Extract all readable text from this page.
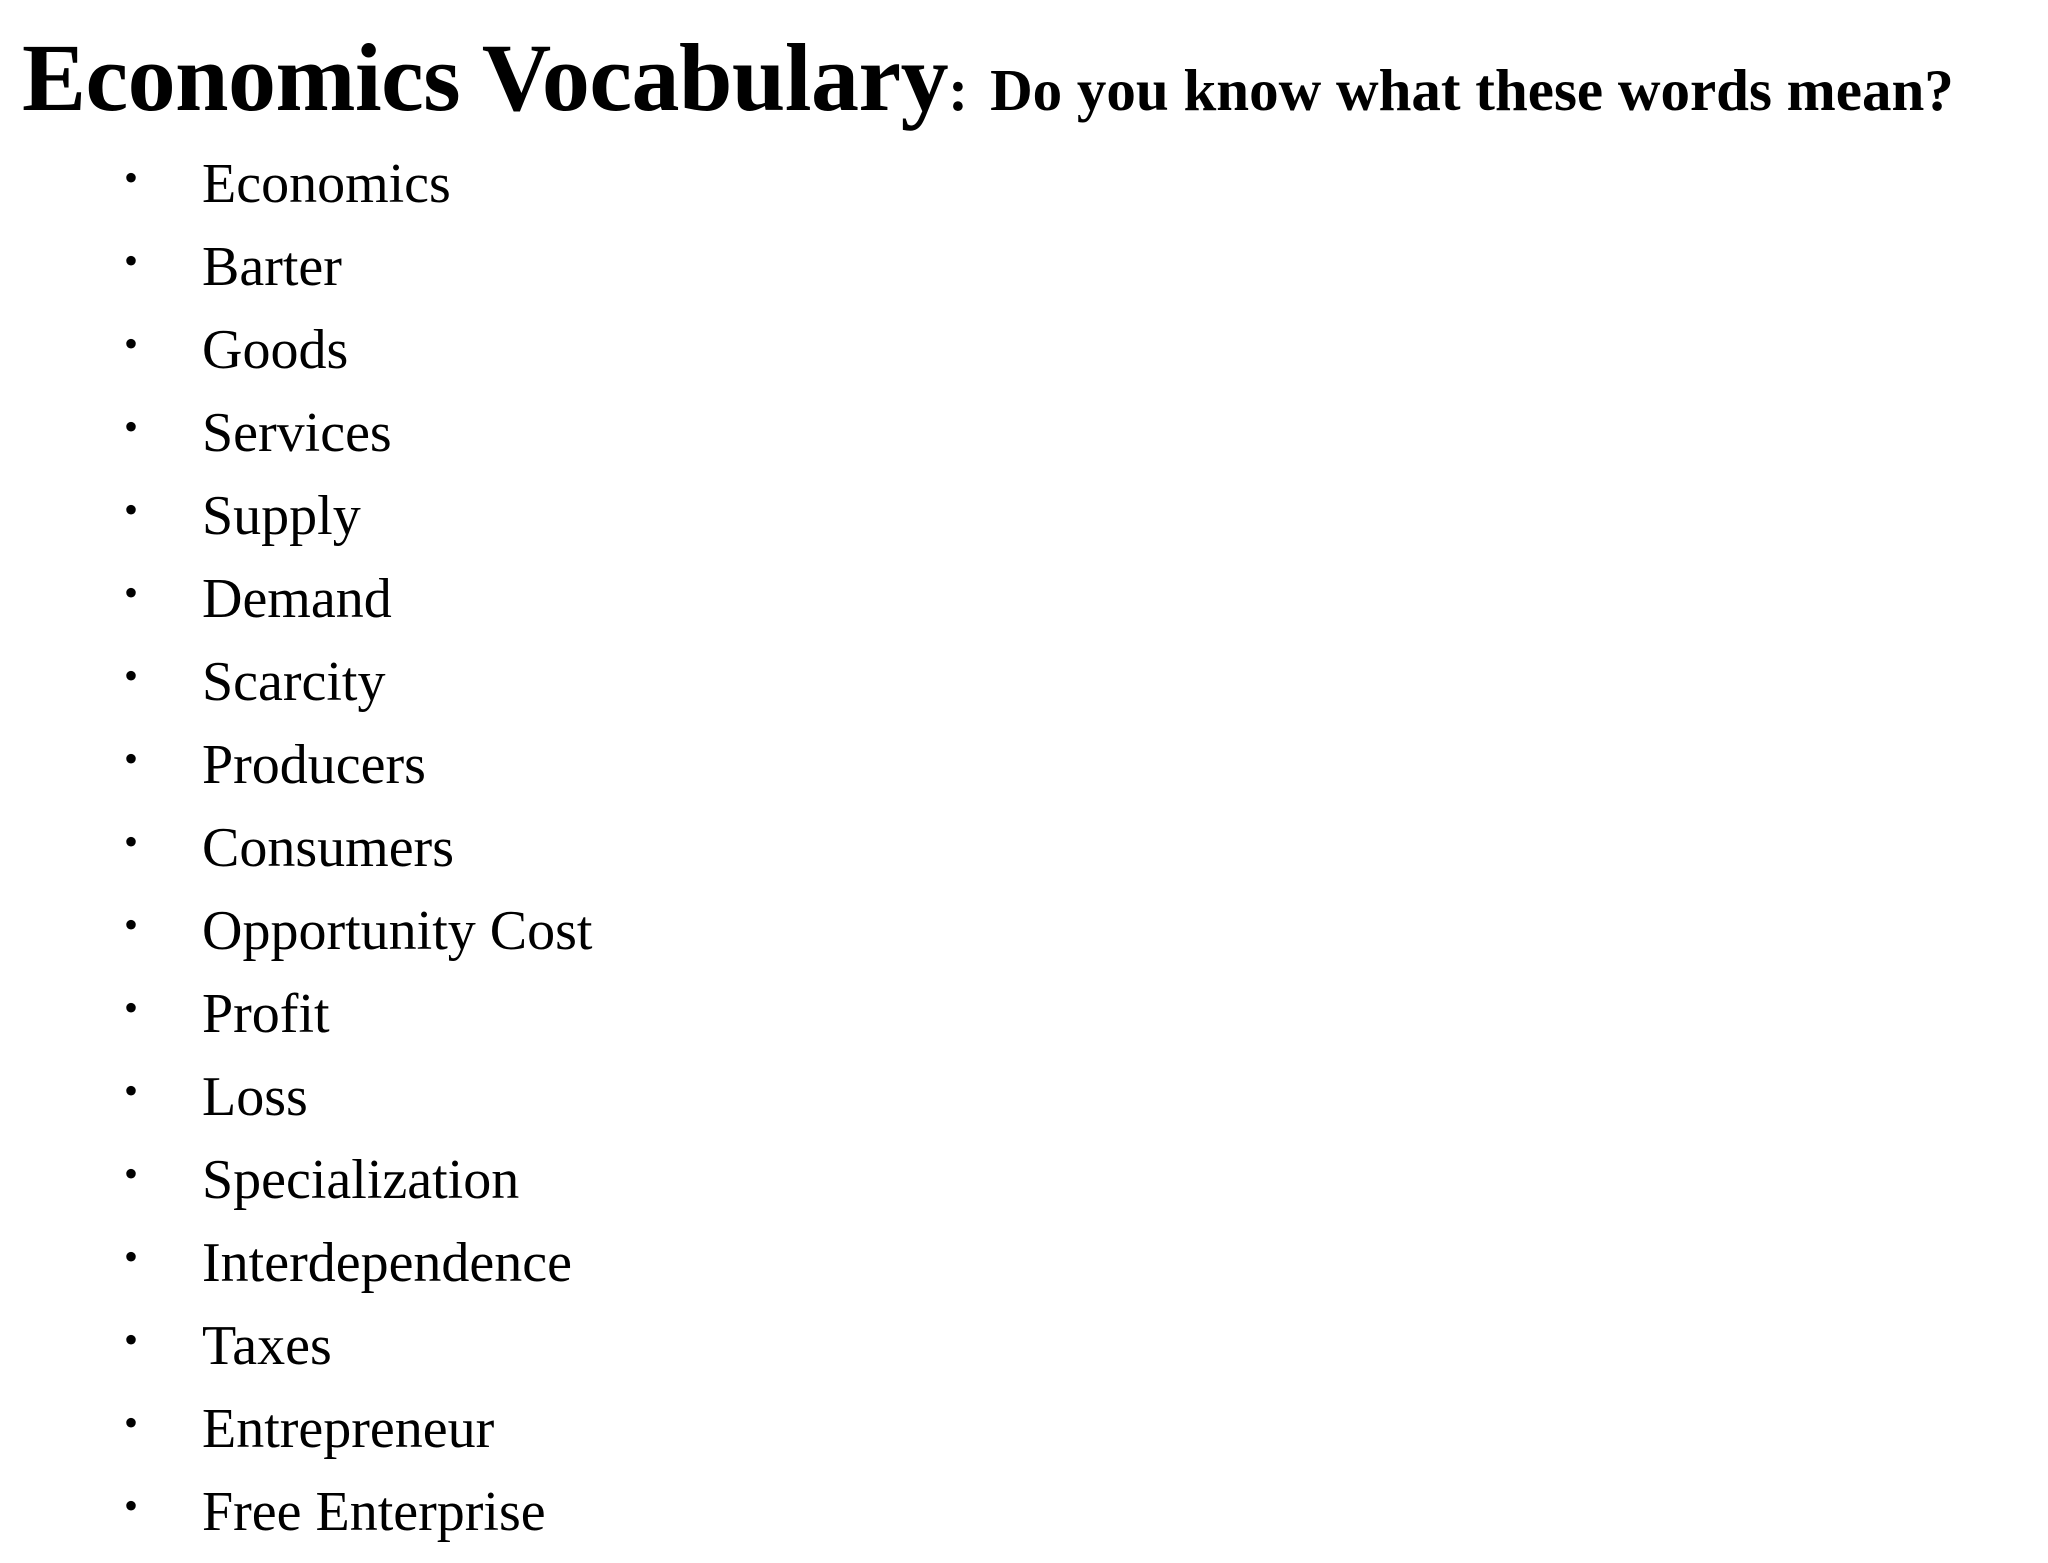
Economics Vocabulary: Do you know what these words mean?
• Economics
• Barter
• Goods
• Services
• Supply
• Demand
• Scarcity
• Producers
• Consumers
• Opportunity Cost
• Profit
• Loss
• Specialization
• Interdependence
• Taxes
• Entrepreneur
• Free Enterprise
